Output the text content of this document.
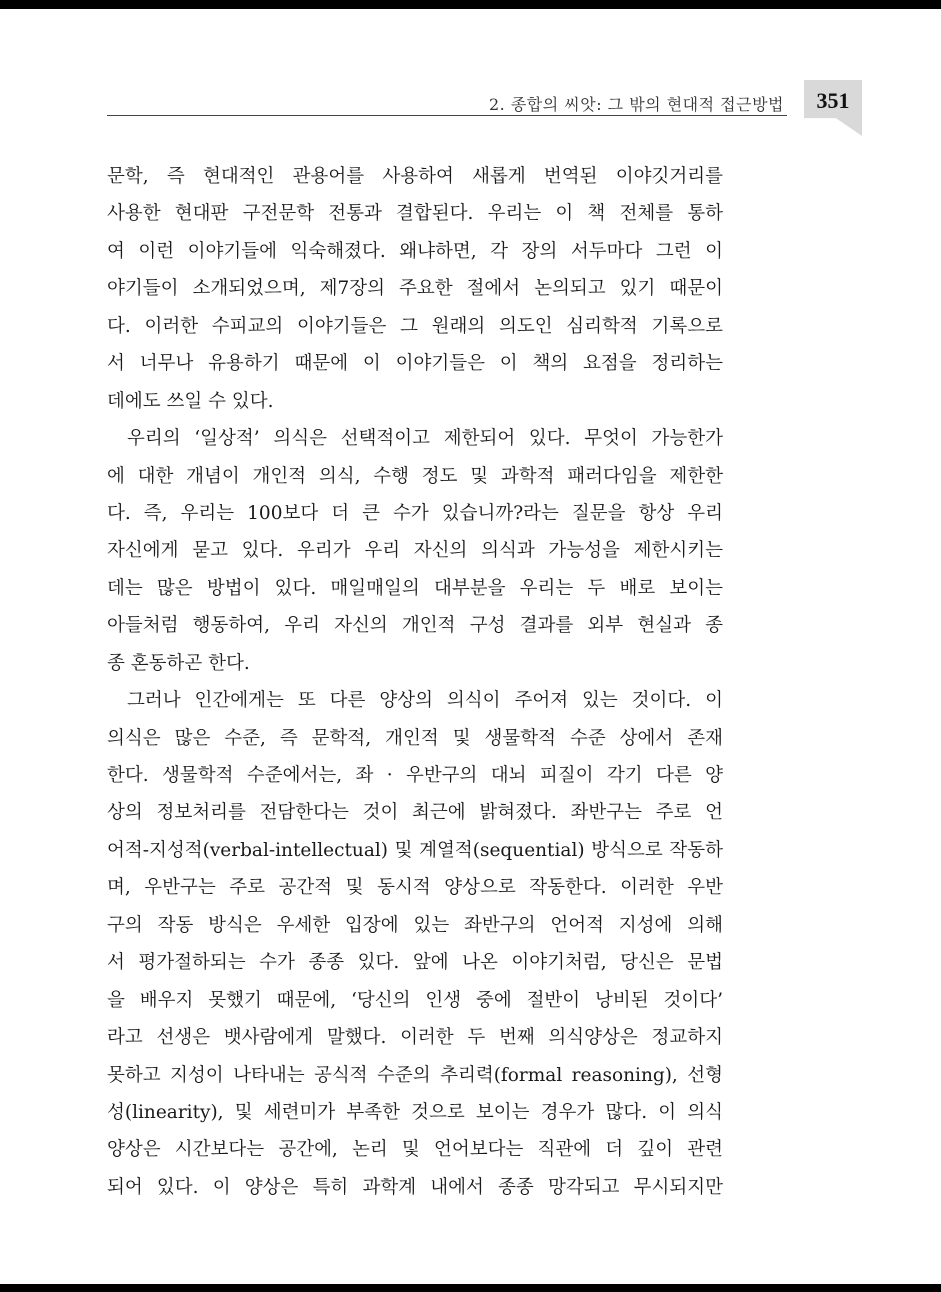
2. 종합의 씨앗: 그 밖의 현대적 접근방법	351
문학, 즉 현대적인 관용어를 사용하여 새롭게 번역된 이야깃거리를
사용한 현대판 구전문학 전통과 결합된다. 우리는 이 책 전체를 통하
여 이런 이야기들에 익숙해졌다. 왜냐하면, 각 장의 서두마다 그런 이
야기들이 소개되었으며, 제7장의 주요한 절에서 논의되고 있기 때문이
다. 이러한 수피교의 이야기들은 그 원래의 의도인 심리학적 기록으로
서 너무나 유용하기 때문에 이 이야기들은 이 책의 요점을 정리하는
데에도 쓰일 수 있다.
우리의 ‘일상적’ 의식은 선택적이고 제한되어 있다. 무엇이 가능한가
에 대한 개념이 개인적 의식, 수행 정도 및 과학적 패러다임을 제한한
다. 즉, 우리는 100보다 더 큰 수가 있습니까?라는 질문을 항상 우리
자신에게 묻고 있다. 우리가 우리 자신의 의식과 가능성을 제한시키는
데는 많은 방법이 있다. 매일매일의 대부분을 우리는 두 배로 보이는
아들처럼 행동하여, 우리 자신의 개인적 구성 결과를 외부 현실과 종
종 혼동하곤 한다.
그러나 인간에게는 또 다른 양상의 의식이 주어져 있는 것이다. 이
의식은 많은 수준, 즉 문학적, 개인적 및 생물학적 수준 상에서 존재
한다. 생물학적 수준에서는, 좌 · 우반구의 대뇌 피질이 각기 다른 양
상의 정보처리를 전담한다는 것이 최근에 밝혀졌다. 좌반구는 주로 언
어적-지성적(verbal-intellectual) 및 계열적(sequential) 방식으로 작동하
며, 우반구는 주로 공간적 및 동시적 양상으로 작동한다. 이러한 우반
구의 작동 방식은 우세한 입장에 있는 좌반구의 언어적 지성에 의해
서 평가절하되는 수가 종종 있다. 앞에 나온 이야기처럼, 당신은 문법
을 배우지 못했기 때문에, ‘당신의 인생 중에 절반이 낭비된 것이다’
라고 선생은 뱃사람에게 말했다. 이러한 두 번째 의식양상은 정교하지
못하고 지성이 나타내는 공식적 수준의 추리력(formal reasoning), 선형
성(linearity), 및 세련미가 부족한 것으로 보이는 경우가 많다. 이 의식
양상은 시간보다는 공간에, 논리 및 언어보다는 직관에 더 깊이 관련
되어 있다. 이 양상은 특히 과학계 내에서 종종 망각되고 무시되지만
